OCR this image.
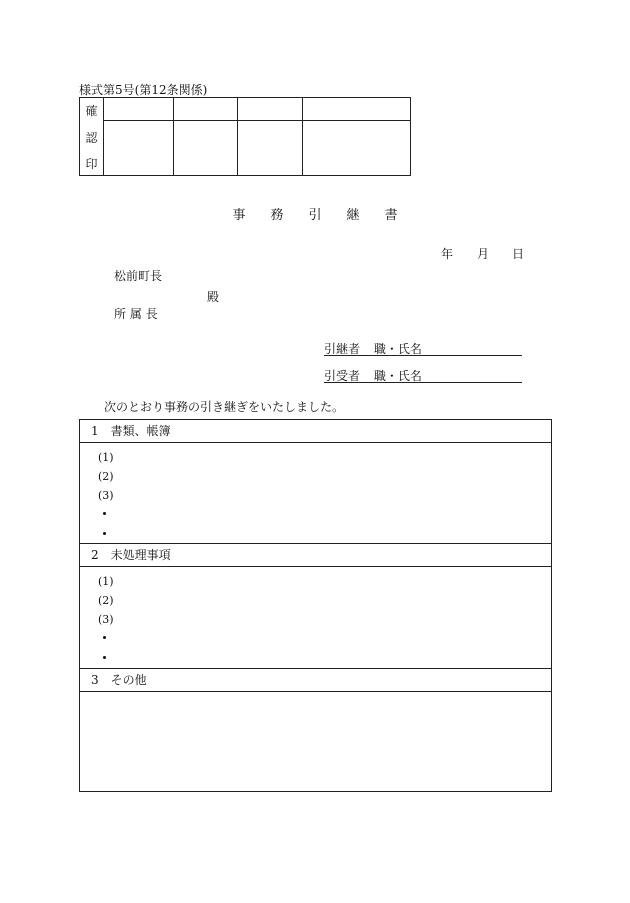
様式第5号(第12条関係)
確
認
印
事務引継書
年 月 日
松前町長
殿
所 属 長
引継者 職・氏名
引受者 職・氏名
次のとおり事務の引き継ぎをいたしました。
1　書類、帳簿
(1)
(2)
(3)
2　未処理事項
(1)
(2)
(3)
3　その他
